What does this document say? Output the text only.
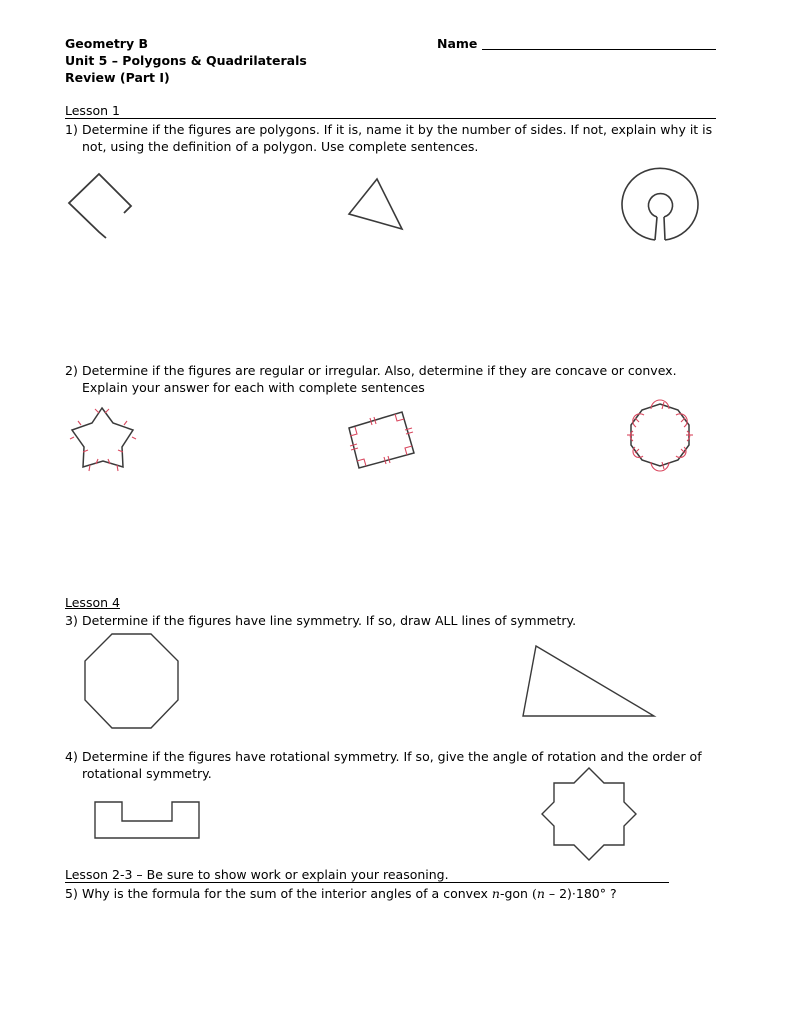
Geometry B
Unit 5 – Polygons & Quadrilaterals
Review (Part I)
Name
Lesson 1
1) Determine if the figures are polygons. If it is, name it by the number of sides. If not, explain why it is not, using the definition of a polygon. Use complete sentences.
2) Determine if the figures are regular or irregular. Also, determine if they are concave or convex. Explain your answer for each with complete sentences
Lesson 4
3) Determine if the figures have line symmetry. If so, draw ALL lines of symmetry.
4) Determine if the figures have rotational symmetry. If so, give the angle of rotation and the order of rotational symmetry.
Lesson 2-3 – Be sure to show work or explain your reasoning.
5) Why is the formula for the sum of the interior angles of a convex n-gon (n – 2)·180° ?
